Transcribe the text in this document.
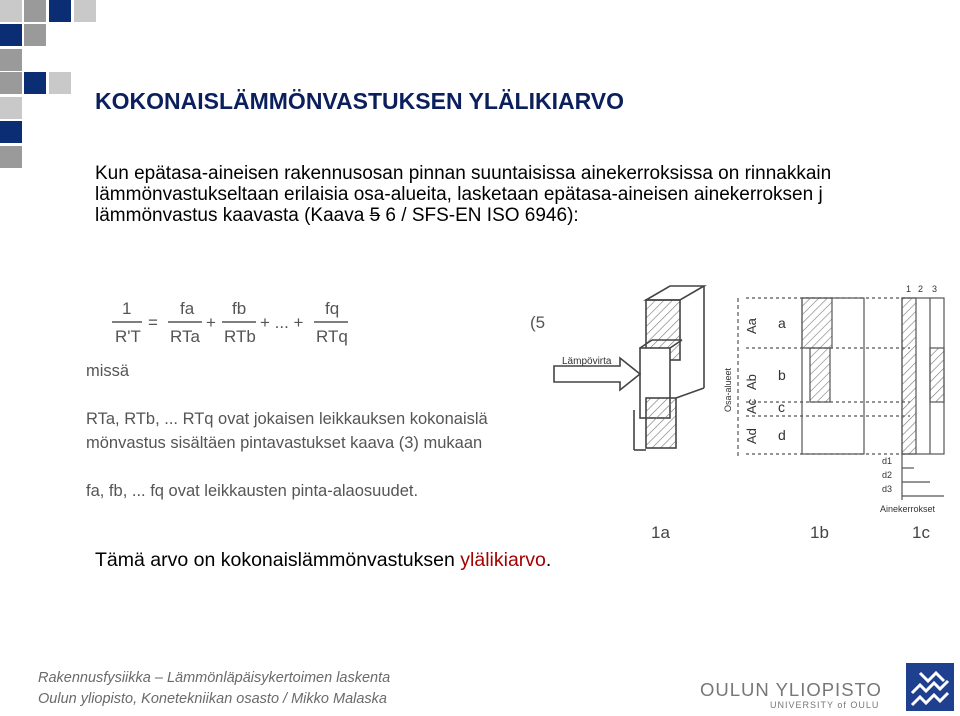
KOKONAISLÄMMÖNVASTUKSEN YLÄLIKIARVO

Kun epätasa-aineisen rakennusosan pinnan suuntaisissa ainekerroksissa on rinnakkain lämmönvastukseltaan erilaisia osa-alueita, lasketaan epätasa-aineisen ainekerroksen j lämmönvastus kaavasta (Kaava 5 6 / SFS-EN ISO 6946):

1
R'T
=
fa
RTa
+
fb
RTb
+ ... +
fq
RTq
(5
missä
RTa, RTb, ... RTq ovat jokaisen leikkauksen kokonaislä
mönvastus sisältäen pintavastukset kaava (3) mukaan
fa, fb, ... fq ovat leikkausten pinta-alaosuudet.
Lämpövirta
Osa-alueet
Aa
Ab
Ac
Ad
a
b
c
d
1 2 3
d1
d2
d3
Ainekerrokset
1a	1b	1c
Tämä arvo on kokonaislämmönvastuksen ylälikiarvo.
Rakennusfysiikka – Lämmönläpäisykertoimen laskenta
Oulun yliopisto, Konetekniikan osasto / Mikko Malaska	OULUN YLIOPISTO
UNIVERSITY of OULU
